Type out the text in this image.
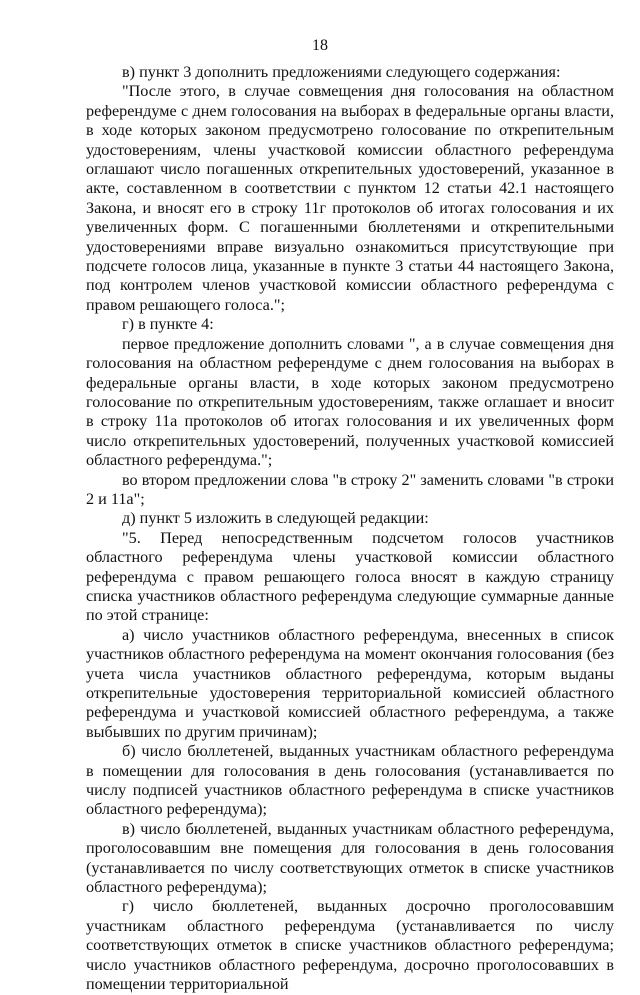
18

в) пункт 3 дополнить предложениями следующего содержания:

"После этого, в случае совмещения дня голосования на областном референдуме с днем голосования на выборах в федеральные органы власти, в ходе которых законом предусмотрено голосование по открепительным удостоверениям, члены участковой комиссии областного референдума оглашают число погашенных открепительных удостоверений, указанное в акте, составленном в соответствии с пунктом 12 статьи 42.1 настоящего Закона, и вносят его в строку 11г протоколов об итогах голосования и их увеличенных форм. С погашенными бюллетенями и открепительными удостоверениями вправе визуально ознакомиться присутствующие при подсчете голосов лица, указанные в пункте 3 статьи 44 настоящего Закона, под контролем членов участковой комиссии областного референдума с правом решающего голоса.";

г) в пункте 4:

первое предложение дополнить словами ", а в случае совмещения дня голосования на областном референдуме с днем голосования на выборах в федеральные органы власти, в ходе которых законом предусмотрено голосование по открепительным удостоверениям, также оглашает и вносит в строку 11а протоколов об итогах голосования и их увеличенных форм число открепительных удостоверений, полученных участковой комиссией областного референдума.";

во втором предложении слова "в строку 2" заменить словами "в строки 2 и 11а";

д) пункт 5 изложить в следующей редакции:

"5. Перед непосредственным подсчетом голосов участников областного референдума члены участковой комиссии областного референдума с правом решающего голоса вносят в каждую страницу списка участников областного референдума следующие суммарные данные по этой странице:

а) число участников областного референдума, внесенных в список участников областного референдума на момент окончания голосования (без учета числа участников областного референдума, которым выданы открепительные удостоверения территориальной комиссией областного референдума и участковой комиссией областного референдума, а также выбывших по другим причинам);

б) число бюллетеней, выданных участникам областного референдума в помещении для голосования в день голосования (устанавливается по числу подписей участников областного референдума в списке участников областного референдума);

в) число бюллетеней, выданных участникам областного референдума, проголосовавшим вне помещения для голосования в день голосования (устанавливается по числу соответствующих отметок в списке участников областного референдума);

г) число бюллетеней, выданных досрочно проголосовавшим участникам областного референдума (устанавливается по числу соответствующих отметок в списке участников областного референдума; число участников областного референдума, досрочно проголосовавших в помещении территориальной
